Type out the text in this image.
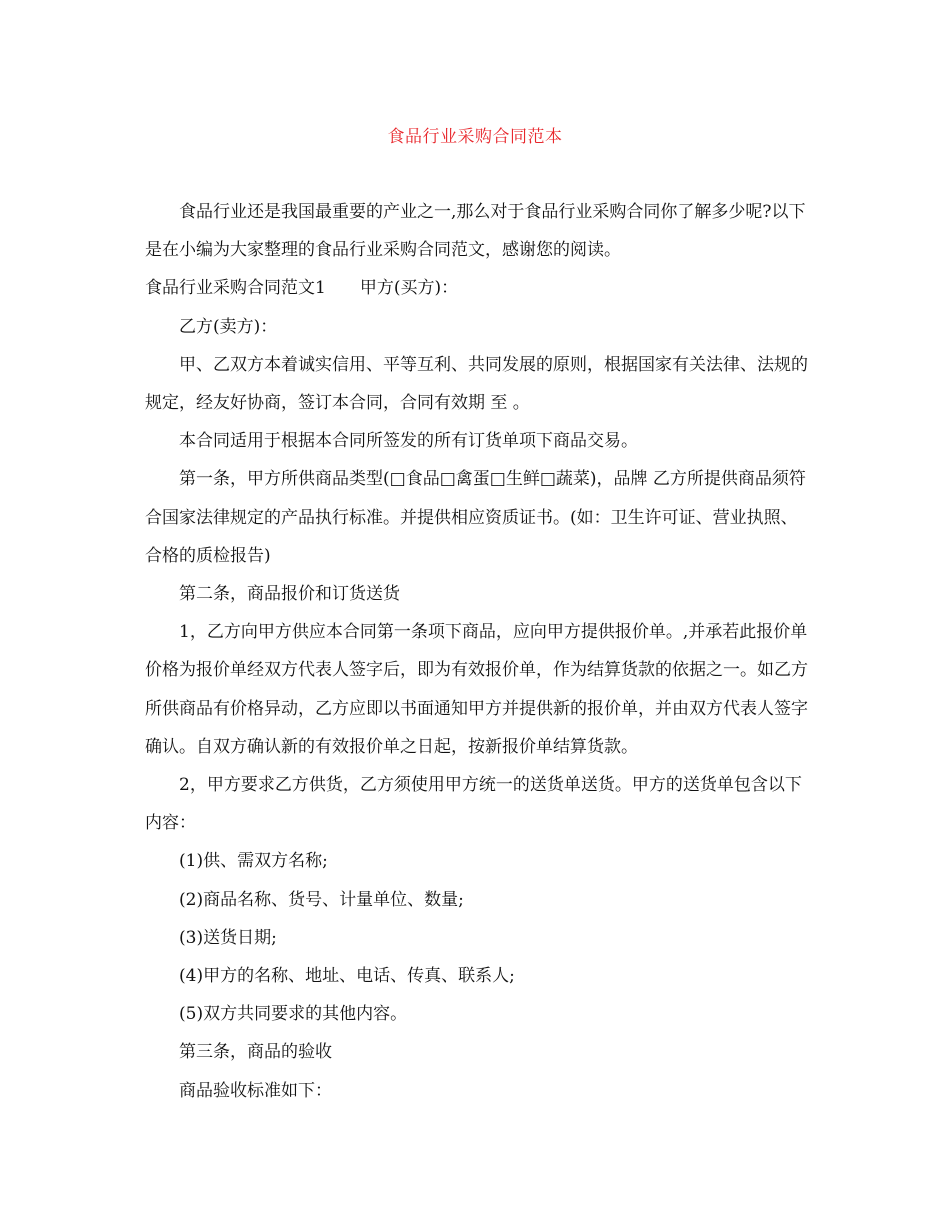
食品行业采购合同范本

食品行业还是我国最重要的产业之一,那么对于食品行业采购合同你了解多少呢?以下是在小编为大家整理的食品行业采购合同范文，感谢您的阅读。

食品行业采购合同范文1 甲方(买方)：

乙方(卖方)：

甲、乙双方本着诚实信用、平等互利、共同发展的原则，根据国家有关法律、法规的规定，经友好协商，签订本合同，合同有效期 至 。

本合同适用于根据本合同所签发的所有订货单项下商品交易。

第一条，甲方所供商品类型(□食品□禽蛋□生鲜□蔬菜)，品牌 乙方所提供商品须符合国家法律规定的产品执行标准。并提供相应资质证书。(如：卫生许可证、营业执照、合格的质检报告)

第二条，商品报价和订货送货

1，乙方向甲方供应本合同第一条项下商品，应向甲方提供报价单。,并承若此报价单价格为报价单经双方代表人签字后，即为有效报价单，作为结算货款的依据之一。如乙方所供商品有价格异动，乙方应即以书面通知甲方并提供新的报价单，并由双方代表人签字确认。自双方确认新的有效报价单之日起，按新报价单结算货款。

2，甲方要求乙方供货，乙方须使用甲方统一的送货单送货。甲方的送货单包含以下内容：

(1)供、需双方名称;

(2)商品名称、货号、计量单位、数量;

(3)送货日期;

(4)甲方的名称、地址、电话、传真、联系人;

(5)双方共同要求的其他内容。

第三条，商品的验收

商品验收标准如下：
